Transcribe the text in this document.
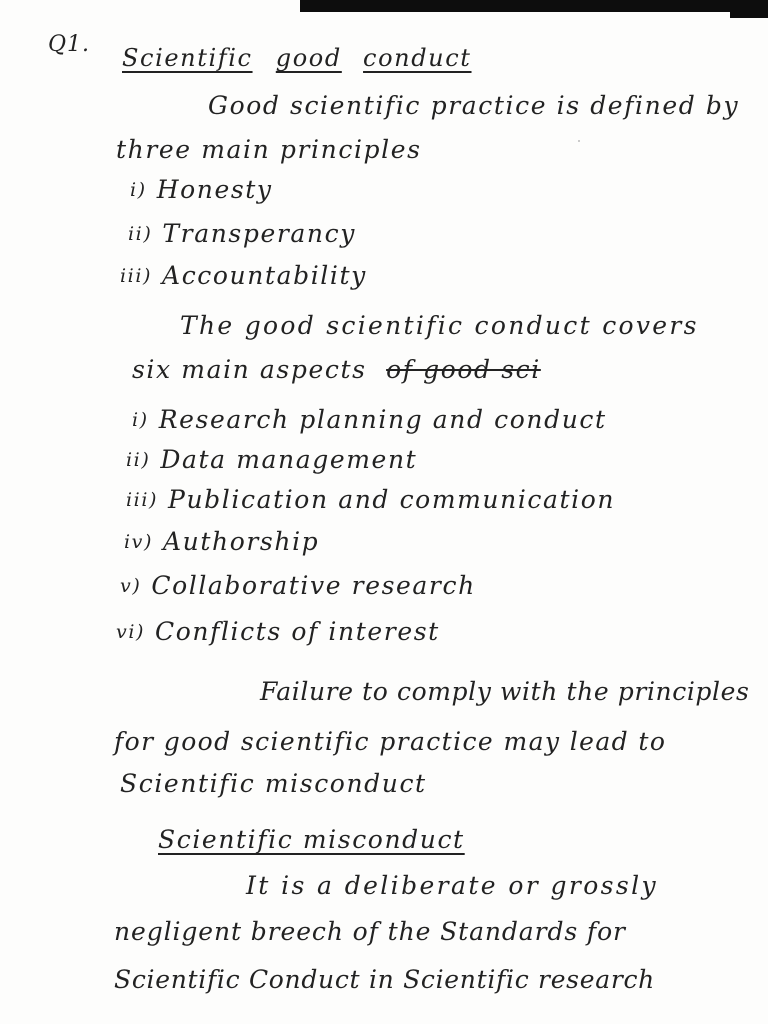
Q1. Scientific good conduct
Good scientific practice is defined by
three main principles
i) Honesty
ii) Transperancy
iii) Accountability
The good scientific conduct covers
six main aspects of good sci
i) Research planning and conduct
ii) Data management
iii) Publication and communication
iv) Authorship
v) Collaborative research
vi) Conflicts of interest
Failure to comply with the principles
for good scientific practice may lead to
Scientific misconduct
Scientific misconduct
It is a deliberate or grossly
negligent breech of the Standards for
Scientific Conduct in Scientific research
